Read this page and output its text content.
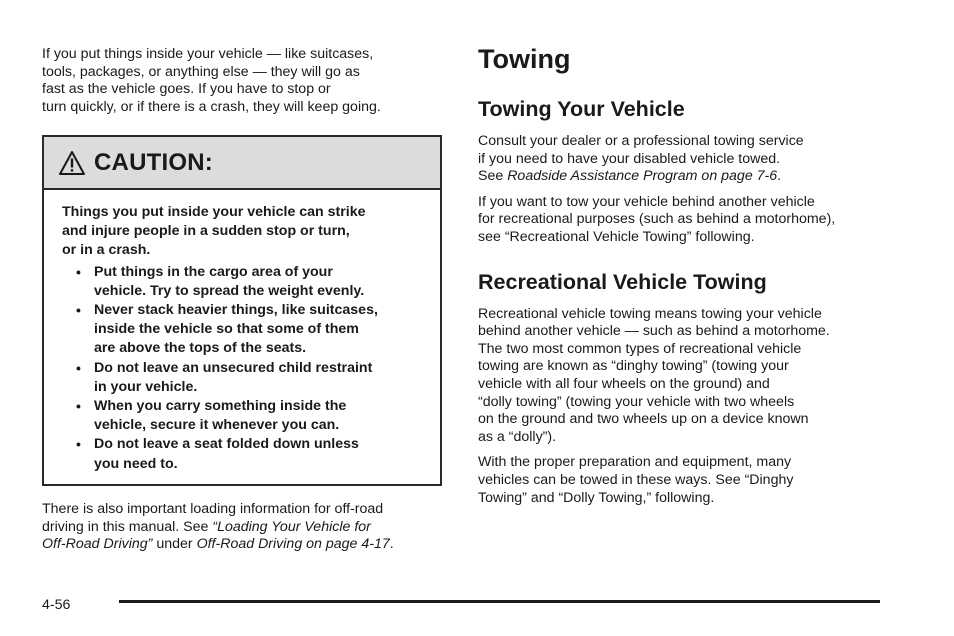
If you put things inside your vehicle — like suitcases,
tools, packages, or anything else — they will go as
fast as the vehicle goes. If you have to stop or
turn quickly, or if there is a crash, they will keep going.

CAUTION:

Things you put inside your vehicle can strike
and injure people in a sudden stop or turn,
or in a crash.

• Put things in the cargo area of your
vehicle. Try to spread the weight evenly.
• Never stack heavier things, like suitcases,
inside the vehicle so that some of them
are above the tops of the seats.
• Do not leave an unsecured child restraint
in your vehicle.
• When you carry something inside the
vehicle, secure it whenever you can.
• Do not leave a seat folded down unless
you need to.

There is also important loading information for off-road
driving in this manual. See “Loading Your Vehicle for
Off-Road Driving” under Off-Road Driving on page 4-17.

Towing
Towing Your Vehicle

Consult your dealer or a professional towing service
if you need to have your disabled vehicle towed.
See Roadside Assistance Program on page 7-6.

If you want to tow your vehicle behind another vehicle
for recreational purposes (such as behind a motorhome),
see “Recreational Vehicle Towing” following.

Recreational Vehicle Towing

Recreational vehicle towing means towing your vehicle
behind another vehicle — such as behind a motorhome.
The two most common types of recreational vehicle
towing are known as “dinghy towing” (towing your
vehicle with all four wheels on the ground) and
“dolly towing” (towing your vehicle with two wheels
on the ground and two wheels up on a device known
as a “dolly”).

With the proper preparation and equipment, many
vehicles can be towed in these ways. See “Dinghy
Towing” and “Dolly Towing,” following.

4-56
